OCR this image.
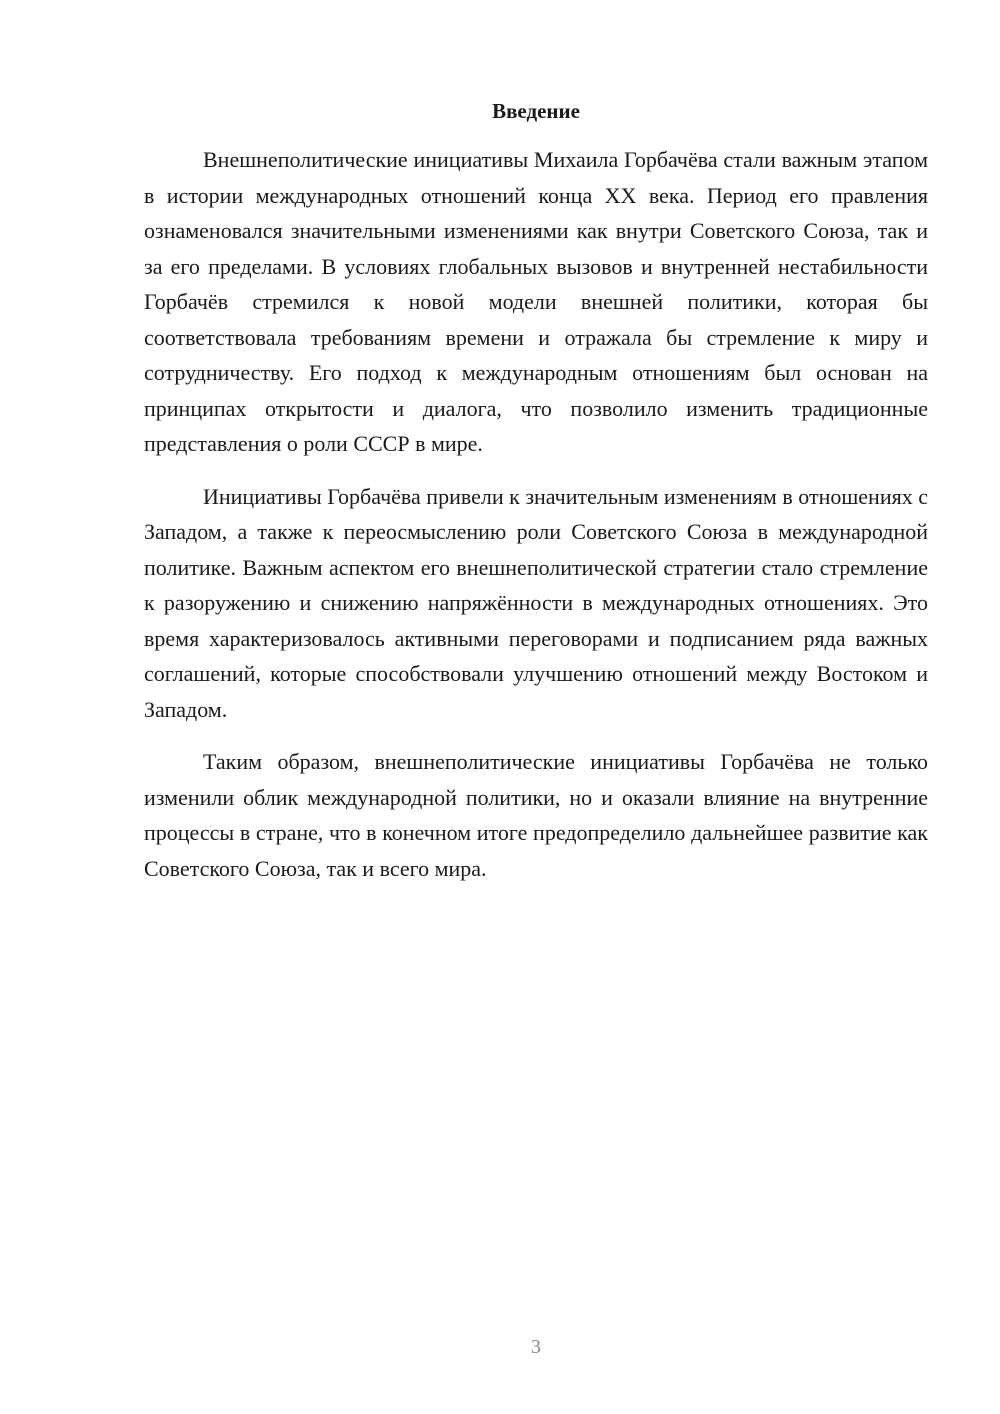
Введение

Внешнеполитические инициативы Михаила Горбачёва стали важным этапом в истории международных отношений конца XX века. Период его правления ознаменовался значительными изменениями как внутри Советского Союза, так и за его пределами. В условиях глобальных вызовов и внутренней нестабильности Горбачёв стремился к новой модели внешней политики, которая бы соответствовала требованиям времени и отражала бы стремление к миру и сотрудничеству. Его подход к международным отношениям был основан на принципах открытости и диалога, что позволило изменить традиционные представления о роли СССР в мире.

Инициативы Горбачёва привели к значительным изменениям в отношениях с Западом, а также к переосмыслению роли Советского Союза в международной политике. Важным аспектом его внешнеполитической стратегии стало стремление к разоружению и снижению напряжённости в международных отношениях. Это время характеризовалось активными переговорами и подписанием ряда важных соглашений, которые способствовали улучшению отношений между Востоком и Западом.

Таким образом, внешнеполитические инициативы Горбачёва не только изменили облик международной политики, но и оказали влияние на внутренние процессы в стране, что в конечном итоге предопределило дальнейшее развитие как Советского Союза, так и всего мира.

3
